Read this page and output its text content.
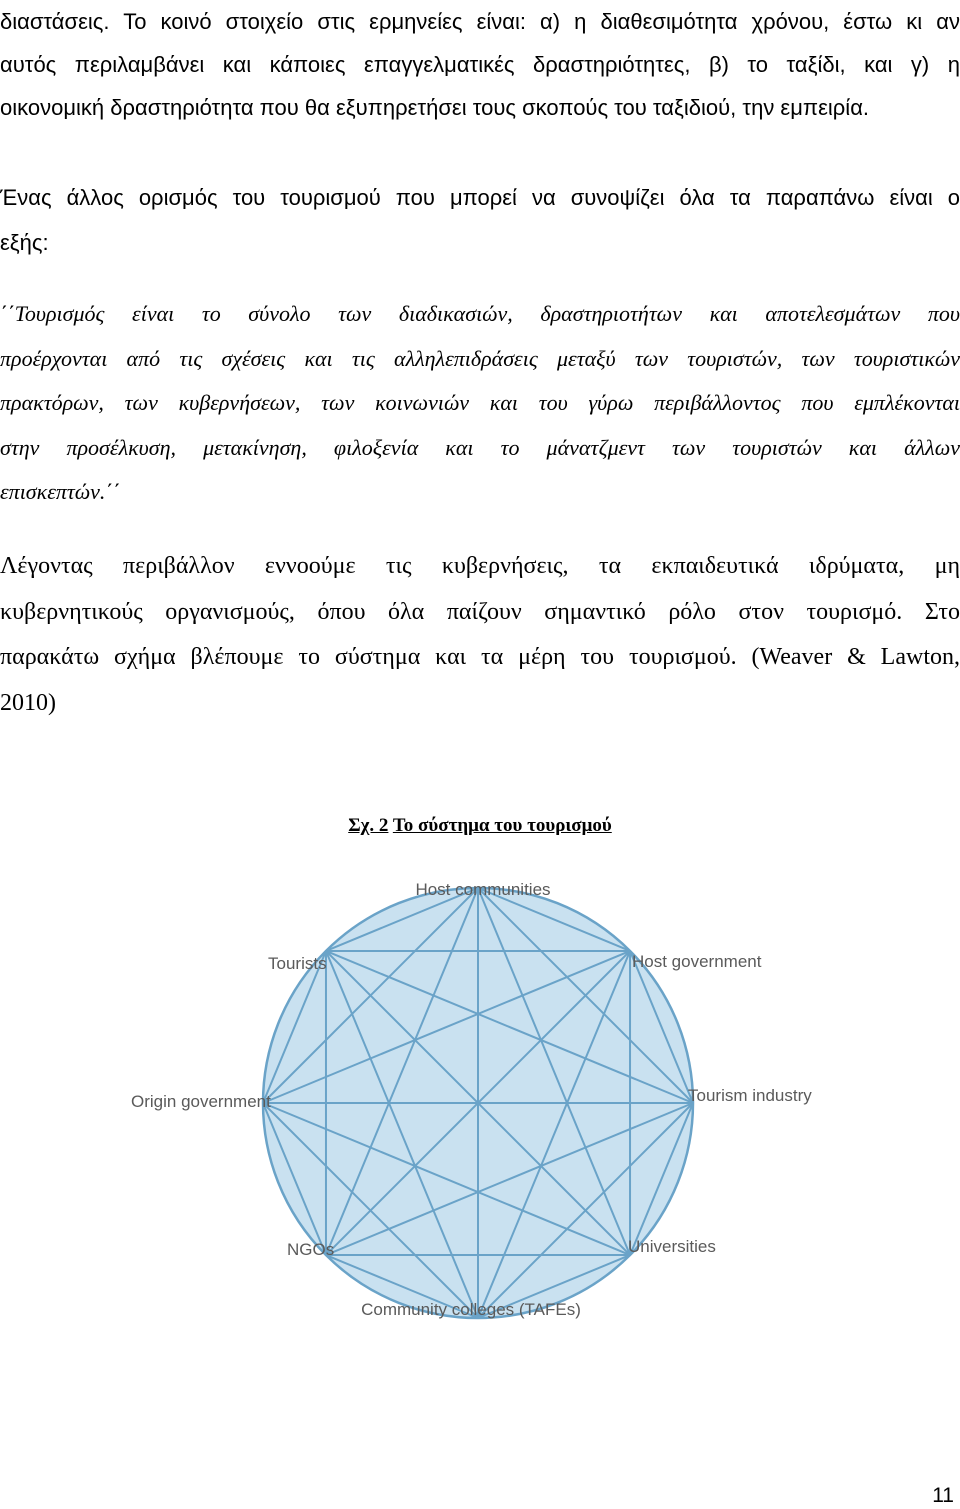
διαστάσεις. Το κοινό στοιχείο στις ερμηνείες είναι: α) η διαθεσιμότητα χρόνου, έστω κι αν
αυτός περιλαμβάνει και κάποιες επαγγελματικές δραστηριότητες, β) το ταξίδι, και γ) η
οικονομική δραστηριότητα που θα εξυπηρετήσει τους σκοπούς του ταξιδιού, την εμπειρία.
Ένας άλλος ορισμός του τουρισμού που μπορεί να συνοψίζει όλα τα παραπάνω είναι ο
εξής:
΄΄Τουρισμός είναι το σύνολο των διαδικασιών, δραστηριοτήτων και αποτελεσμάτων που
προέρχονται από τις σχέσεις και τις αλληλεπιδράσεις μεταξύ των τουριστών, των τουριστικών
πρακτόρων, των κυβερνήσεων, των κοινωνιών και του γύρω περιβάλλοντος που εμπλέκονται
στην προσέλκυση, μετακίνηση, φιλοξενία και το μάνατζμεντ των τουριστών και άλλων
επισκεπτών.΄΄
Λέγοντας περιβάλλον εννοούμε τις κυβερνήσεις, τα εκπαιδευτικά ιδρύματα, μη
κυβερνητικούς οργανισμούς, όπου όλα παίζουν σημαντικό ρόλο στον τουρισμό. Στο
παρακάτω σχήμα βλέπουμε το σύστημα και τα μέρη του τουρισμού. (Weaver & Lawton,
2010)
Σχ. 2 Το σύστημα του τουρισμού
Host communities
Host government
Tourism industry
Universities
Community colleges (TAFEs)
NGOs
Origin government
Tourists
11
